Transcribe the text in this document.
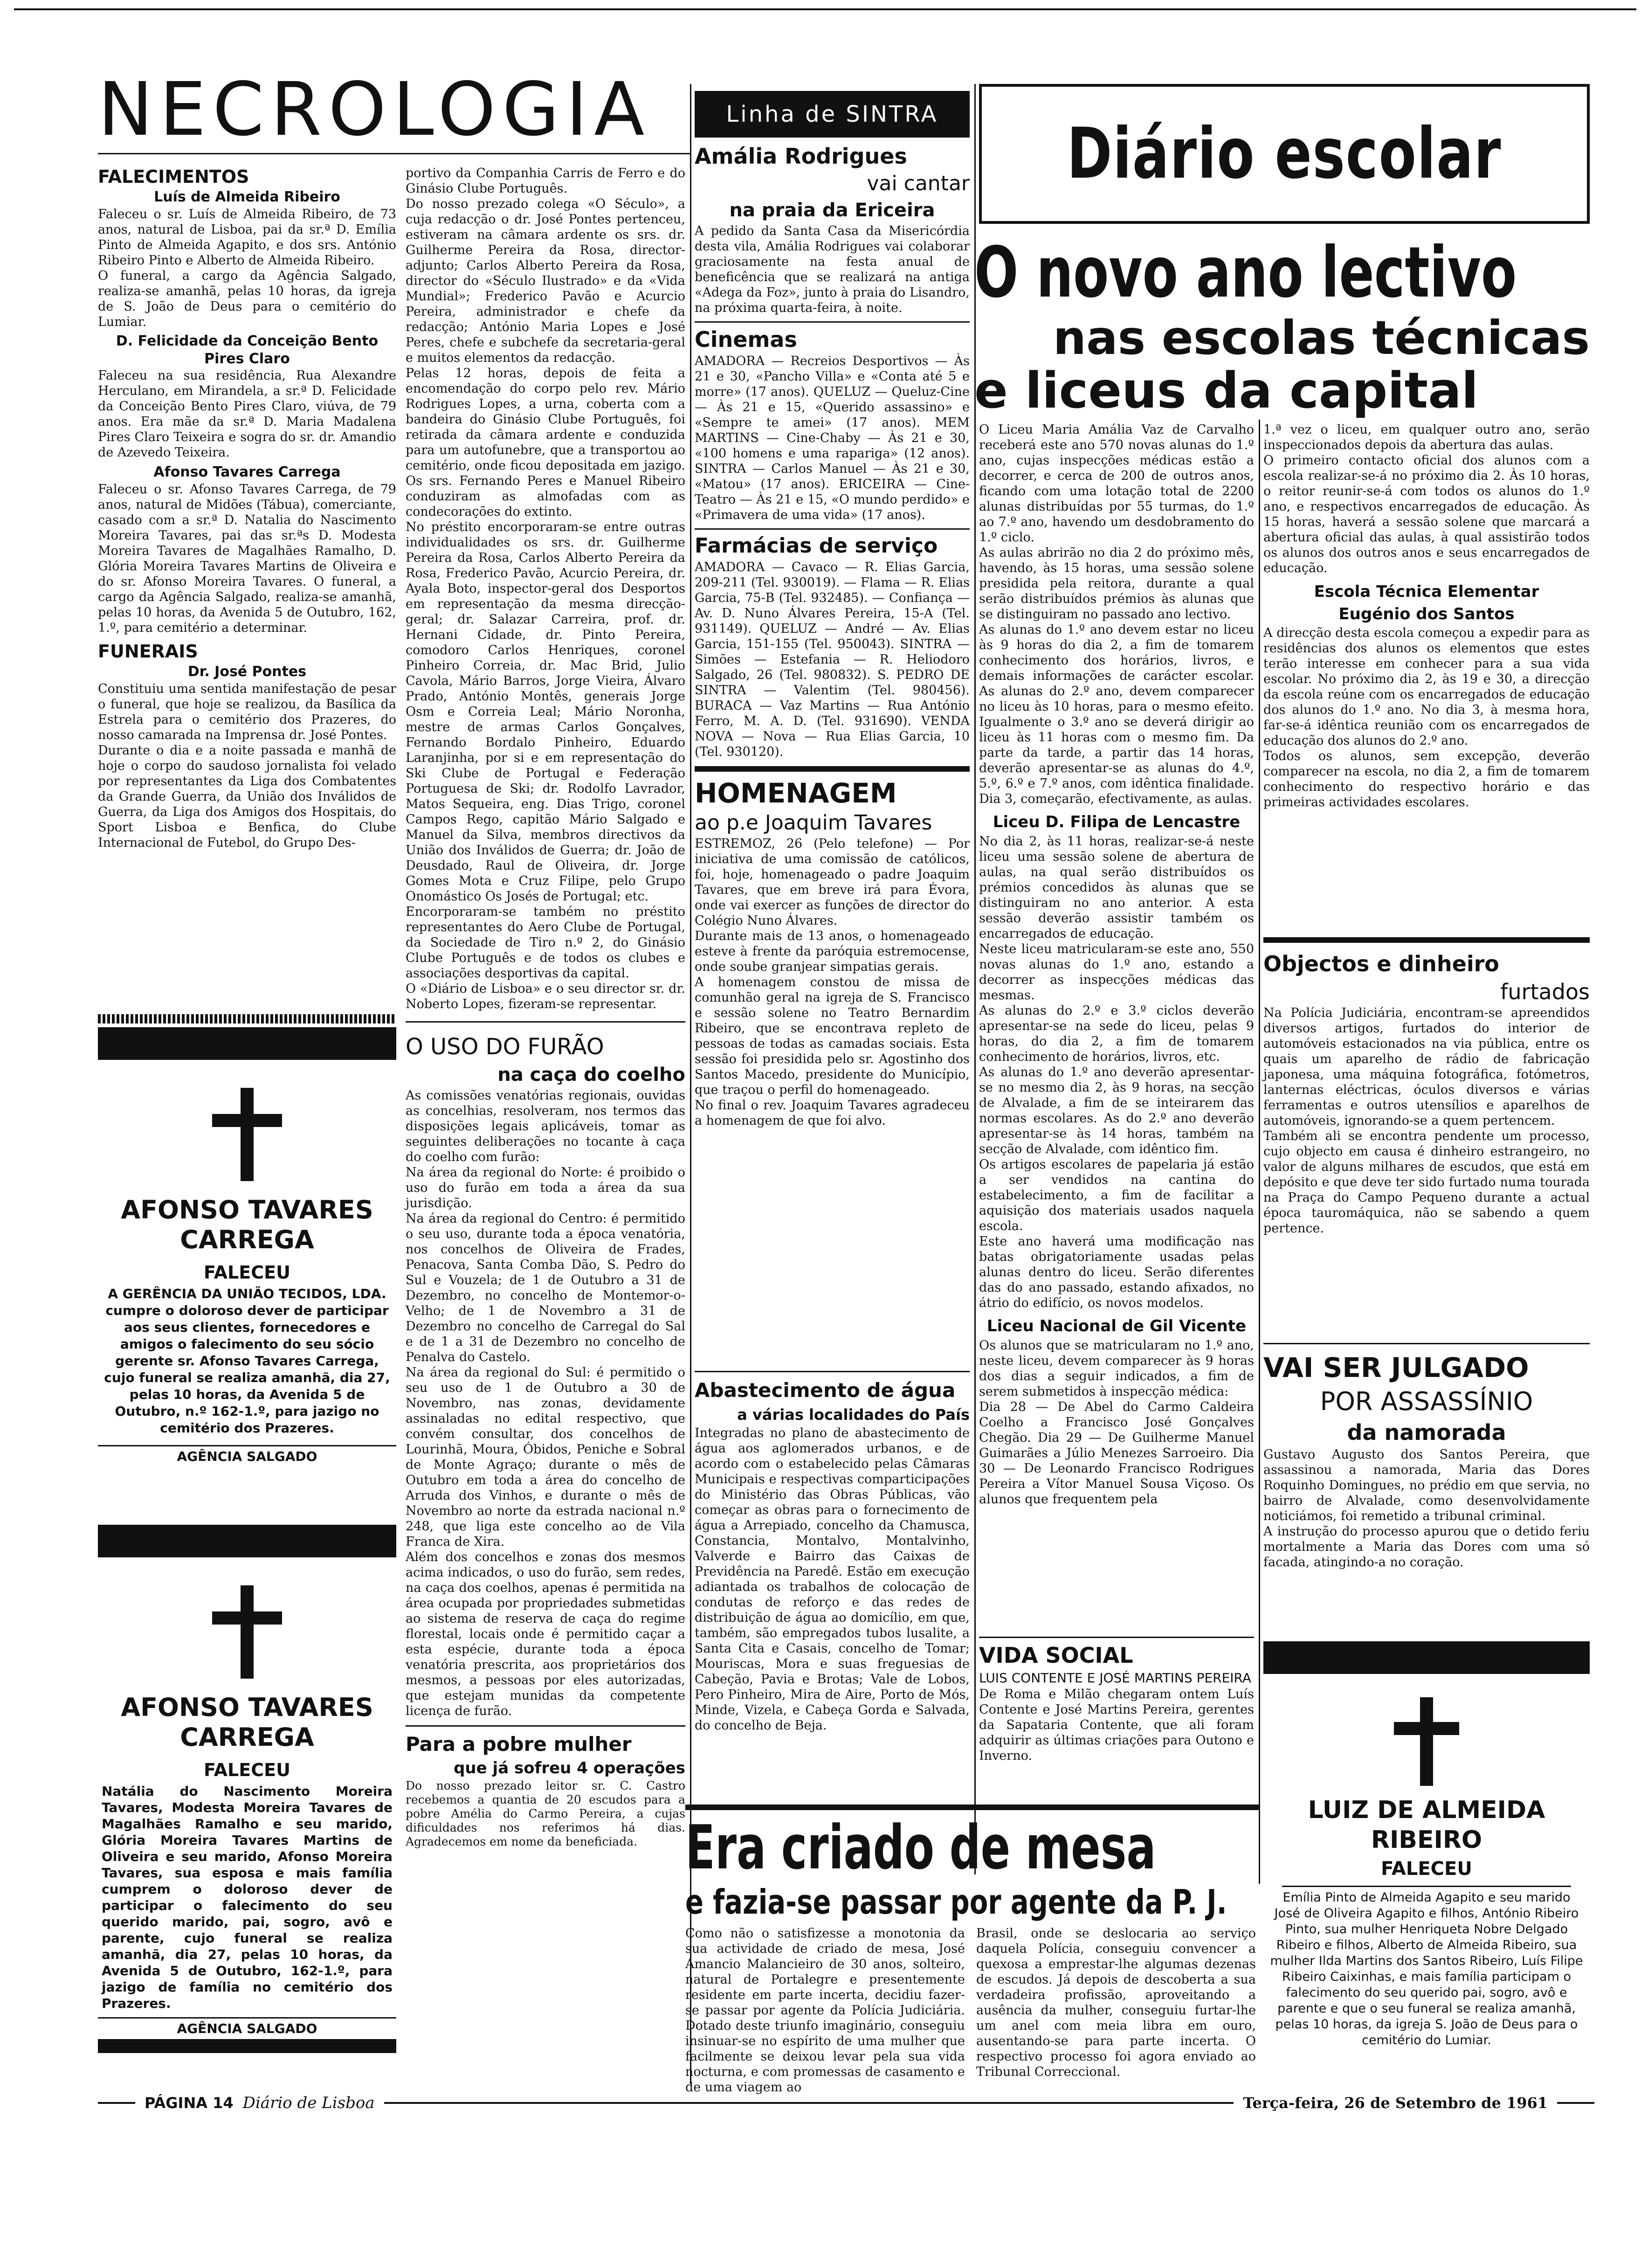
NECROLOGIA
FALECIMENTOS
Luís de Almeida Ribeiro

Faleceu o sr. Luís de Almeida Ribeiro, de 73 anos, natural de Lisboa, pai da sr.ª D. Emília Pinto de Almeida Agapito, e dos srs. António Ribeiro Pinto e Alberto de Almeida Ribeiro.

O funeral, a cargo da Agência Salgado, realiza-se amanhã, pelas 10 horas, da igreja de S. João de Deus para o cemitério do Lumiar.

D. Felicidade da Conceição Bento Pires Claro

Faleceu na sua residência, Rua Alexandre Herculano, em Mirandela, a sr.ª D. Felicidade da Conceição Bento Pires Claro, viúva, de 79 anos. Era mãe da sr.ª D. Maria Madalena Pires Claro Teixeira e sogra do sr. dr. Amandio de Azevedo Teixeira.

Afonso Tavares Carrega

Faleceu o sr. Afonso Tavares Carrega, de 79 anos, natural de Midões (Tábua), comerciante, casado com a sr.ª D. Natalia do Nascimento Moreira Tavares, pai das sr.ªs D. Modesta Moreira Tavares de Magalhães Ramalho, D. Glória Moreira Tavares Martins de Oliveira e do sr. Afonso Moreira Tavares. O funeral, a cargo da Agência Salgado, realiza-se amanhã, pelas 10 horas, da Avenida 5 de Outubro, 162, 1.º, para cemitério a determinar.

FUNERAIS
Dr. José Pontes

Constituiu uma sentida manifestação de pesar o funeral, que hoje se realizou, da Basílica da Estrela para o cemitério dos Prazeres, do nosso camarada na Imprensa dr. José Pontes.

Durante o dia e a noite passada e manhã de hoje o corpo do saudoso jornalista foi velado por representantes da Liga dos Combatentes da Grande Guerra, da União dos Inválidos de Guerra, da Liga dos Amigos dos Hospitais, do Sport Lisboa e Benfica, do Clube Internacional de Futebol, do Grupo Des-

AFONSO TAVARES CARREGA
FALECEU
A GERÊNCIA DA UNIÃO TECIDOS, LDA. cumpre o doloroso dever de participar aos seus clientes, fornecedores e amigos o falecimento do seu sócio gerente sr. Afonso Tavares Carrega, cujo funeral se realiza amanhã, dia 27, pelas 10 horas, da Avenida 5 de Outubro, n.º 162-1.º, para jazigo no cemitério dos Prazeres.
AGÊNCIA SALGADO
AFONSO TAVARES CARREGA
FALECEU
Natália do Nascimento Moreira Tavares, Modesta Moreira Tavares de Magalhães Ramalho e seu marido, Glória Moreira Tavares Martins de Oliveira e seu marido, Afonso Moreira Tavares, sua esposa e mais família cumprem o doloroso dever de participar o falecimento do seu querido marido, pai, sogro, avô e parente, cujo funeral se realiza amanhã, dia 27, pelas 10 horas, da Avenida 5 de Outubro, 162-1.º, para jazigo de família no cemitério dos Prazeres.
AGÊNCIA SALGADO

portivo da Companhia Carris de Ferro e do Ginásio Clube Português.

Do nosso prezado colega «O Século», a cuja redacção o dr. José Pontes pertenceu, estiveram na câmara ardente os srs. dr. Guilherme Pereira da Rosa, director-adjunto; Carlos Alberto Pereira da Rosa, director do «Século Ilustrado» e da «Vida Mundial»; Frederico Pavão e Acurcio Pereira, administrador e chefe da redacção; António Maria Lopes e José Peres, chefe e subchefe da secretaria-geral e muitos elementos da redacção.

Pelas 12 horas, depois de feita a encomendação do corpo pelo rev. Mário Rodrigues Lopes, a urna, coberta com a bandeira do Ginásio Clube Português, foi retirada da câmara ardente e conduzida para um autofunebre, que a transportou ao cemitério, onde ficou depositada em jazigo. Os srs. Fernando Peres e Manuel Ribeiro conduziram as almofadas com as condecorações do extinto.

No préstito encorporaram-se entre outras individualidades os srs. dr. Guilherme Pereira da Rosa, Carlos Alberto Pereira da Rosa, Frederico Pavão, Acurcio Pereira, dr. Ayala Boto, inspector-geral dos Desportos em representação da mesma direcção-geral; dr. Salazar Carreira, prof. dr. Hernani Cidade, dr. Pinto Pereira, comodoro Carlos Henriques, coronel Pinheiro Correia, dr. Mac Brid, Julio Cavola, Mário Barros, Jorge Vieira, Álvaro Prado, António Montês, generais Jorge Osm e Correia Leal; Mário Noronha, mestre de armas Carlos Gonçalves, Fernando Bordalo Pinheiro, Eduardo Laranjinha, por si e em representação do Ski Clube de Portugal e Federação Portuguesa de Ski; dr. Rodolfo Lavrador, Matos Sequeira, eng. Dias Trigo, coronel Campos Rego, capitão Mário Salgado e Manuel da Silva, membros directivos da União dos Inválidos de Guerra; dr. João de Deusdado, Raul de Oliveira, dr. Jorge Gomes Mota e Cruz Filipe, pelo Grupo Onomástico Os Josés de Portugal; etc.

Encorporaram-se também no préstito representantes do Aero Clube de Portugal, da Sociedade de Tiro n.º 2, do Ginásio Clube Português e de todos os clubes e associações desportivas da capital.

O «Diário de Lisboa» e o seu director sr. dr. Noberto Lopes, fizeram-se representar.

O USO DO FURÃO
na caça do coelho

As comissões venatórias regionais, ouvidas as concelhias, resolveram, nos termos das disposições legais aplicáveis, tomar as seguintes deliberações no tocante à caça do coelho com furão:

Na área da regional do Norte: é proibido o uso do furão em toda a área da sua jurisdição.

Na área da regional do Centro: é permitido o seu uso, durante toda a época venatória, nos concelhos de Oliveira de Frades, Penacova, Santa Comba Dão, S. Pedro do Sul e Vouzela; de 1 de Outubro a 31 de Dezembro, no concelho de Montemor-o-Velho; de 1 de Novembro a 31 de Dezembro no concelho de Carregal do Sal e de 1 a 31 de Dezembro no concelho de Penalva do Castelo.

Na área da regional do Sul: é permitido o seu uso de 1 de Outubro a 30 de Novembro, nas zonas, devidamente assinaladas no edital respectivo, que convém consultar, dos concelhos de Lourinhã, Moura, Óbidos, Peniche e Sobral de Monte Agraço; durante o mês de Outubro em toda a área do concelho de Arruda dos Vinhos, e durante o mês de Novembro ao norte da estrada nacional n.º 248, que liga este concelho ao de Vila Franca de Xira.

Além dos concelhos e zonas dos mesmos acima indicados, o uso do furão, sem redes, na caça dos coelhos, apenas é permitida na área ocupada por propriedades submetidas ao sistema de reserva de caça do regime florestal, locais onde é permitido caçar a esta espécie, durante toda a época venatória prescrita, aos proprietários dos mesmos, a pessoas por eles autorizadas, que estejam munidas da competente licença de furão.

Para a pobre mulher
que já sofreu 4 operações

Do nosso prezado leitor sr. C. Castro recebemos a quantia de 20 escudos para a pobre Amélia do Carmo Pereira, a cujas dificuldades nos referimos há dias. Agradecemos em nome da beneficiada.

Linha de SINTRA
Amália Rodrigues
vai cantar
na praia da Ericeira

A pedido da Santa Casa da Misericórdia desta vila, Amália Rodrigues vai colaborar graciosamente na festa anual de beneficência que se realizará na antiga «Adega da Foz», junto à praia do Lisandro, na próxima quarta-feira, à noite.

Cinemas

AMADORA — Recreios Desportivos — Às 21 e 30, «Pancho Villa» e «Conta até 5 e morre» (17 anos). QUELUZ — Queluz-Cine — Às 21 e 15, «Querido assassino» e «Sempre te amei» (17 anos). MEM MARTINS — Cine-Chaby — Às 21 e 30, «100 homens e uma rapariga» (12 anos). SINTRA — Carlos Manuel — Às 21 e 30, «Matou» (17 anos). ERICEIRA — Cine-Teatro — Às 21 e 15, «O mundo perdido» e «Primavera de uma vida» (17 anos).

Farmácias de serviço

AMADORA — Cavaco — R. Elias Garcia, 209-211 (Tel. 930019). — Flama — R. Elias Garcia, 75-B (Tel. 932485). — Confiança — Av. D. Nuno Álvares Pereira, 15-A (Tel. 931149). QUELUZ — André — Av. Elias Garcia, 151-155 (Tel. 950043). SINTRA — Simões — Estefania — R. Heliodoro Salgado, 26 (Tel. 980832). S. PEDRO DE SINTRA — Valentim (Tel. 980456). BURACA — Vaz Martins — Rua António Ferro, M. A. D. (Tel. 931690). VENDA NOVA — Nova — Rua Elias Garcia, 10 (Tel. 930120).

HOMENAGEM
ao p.e Joaquim Tavares

ESTREMOZ, 26 (Pelo telefone) — Por iniciativa de uma comissão de católicos, foi, hoje, homenageado o padre Joaquim Tavares, que em breve irá para Évora, onde vai exercer as funções de director do Colégio Nuno Álvares.

Durante mais de 13 anos, o homenageado esteve à frente da paróquia estremocense, onde soube granjear simpatias gerais.

A homenagem constou de missa de comunhão geral na igreja de S. Francisco e sessão solene no Teatro Bernardim Ribeiro, que se encontrava repleto de pessoas de todas as camadas sociais. Esta sessão foi presidida pelo sr. Agostinho dos Santos Macedo, presidente do Município, que traçou o perfil do homenageado.

No final o rev. Joaquim Tavares agradeceu a homenagem de que foi alvo.

Abastecimento de água
a várias localidades do País

Integradas no plano de abastecimento de água aos aglomerados urbanos, e de acordo com o estabelecido pelas Câmaras Municipais e respectivas comparticipações do Ministério das Obras Públicas, vão começar as obras para o fornecimento de água a Arrepiado, concelho da Chamusca, Constancia, Montalvo, Montalvinho, Valverde e Bairro das Caixas de Previdência na Paredê. Estão em execução adiantada os trabalhos de colocação de condutas de reforço e das redes de distribuição de água ao domicílio, em que, também, são empregados tubos lusalite, a Santa Cita e Casais, concelho de Tomar; Mouriscas, Mora e suas freguesias de Cabeção, Pavia e Brotas; Vale de Lobos, Pero Pinheiro, Mira de Aire, Porto de Mós, Minde, Vizela, e Cabeça Gorda e Salvada, do concelho de Beja.

Diário escolar
O novo ano lectivo
nas escolas técnicas
e liceus da capital

O Liceu Maria Amália Vaz de Carvalho receberá este ano 570 novas alunas do 1.º ano, cujas inspecções médicas estão a decorrer, e cerca de 200 de outros anos, ficando com uma lotação total de 2200 alunas distribuídas por 55 turmas, do 1.º ao 7.º ano, havendo um desdobramento do 1.º ciclo.

As aulas abrirão no dia 2 do próximo mês, havendo, às 15 horas, uma sessão solene presidida pela reitora, durante a qual serão distribuídos prémios às alunas que se distinguiram no passado ano lectivo.

As alunas do 1.º ano devem estar no liceu às 9 horas do dia 2, a fim de tomarem conhecimento dos horários, livros, e demais informações de carácter escolar. As alunas do 2.º ano, devem comparecer no liceu às 10 horas, para o mesmo efeito. Igualmente o 3.º ano se deverá dirigir ao liceu às 11 horas com o mesmo fim. Da parte da tarde, a partir das 14 horas, deverão apresentar-se as alunas do 4.º, 5.º, 6.º e 7.º anos, com idêntica finalidade. Dia 3, começarão, efectivamente, as aulas.

Liceu D. Filipa de Lencastre

No dia 2, às 11 horas, realizar-se-á neste liceu uma sessão solene de abertura de aulas, na qual serão distribuídos os prémios concedidos às alunas que se distinguiram no ano anterior. A esta sessão deverão assistir também os encarregados de educação.

Neste liceu matricularam-se este ano, 550 novas alunas do 1.º ano, estando a decorrer as inspecções médicas das mesmas.

As alunas do 2.º e 3.º ciclos deverão apresentar-se na sede do liceu, pelas 9 horas, do dia 2, a fim de tomarem conhecimento de horários, livros, etc.

As alunas do 1.º ano deverão apresentar-se no mesmo dia 2, às 9 horas, na secção de Alvalade, a fim de se inteirarem das normas escolares. As do 2.º ano deverão apresentar-se às 14 horas, também na secção de Alvalade, com idêntico fim.

Os artigos escolares de papelaria já estão a ser vendidos na cantina do estabelecimento, a fim de facilitar a aquisição dos materiais usados naquela escola.

Este ano haverá uma modificação nas batas obrigatoriamente usadas pelas alunas dentro do liceu. Serão diferentes das do ano passado, estando afixados, no átrio do edifício, os novos modelos.

Liceu Nacional de Gil Vicente

Os alunos que se matricularam no 1.º ano, neste liceu, devem comparecer às 9 horas dos dias a seguir indicados, a fim de serem submetidos à inspecção médica:

Dia 28 — De Abel do Carmo Caldeira Coelho a Francisco José Gonçalves Chegão. Dia 29 — De Guilherme Manuel Guimarães a Júlio Menezes Sarroeiro. Dia 30 — De Leonardo Francisco Rodrigues Pereira a Vítor Manuel Sousa Viçoso. Os alunos que frequentem pela

1.ª vez o liceu, em qualquer outro ano, serão inspeccionados depois da abertura das aulas.

O primeiro contacto oficial dos alunos com a escola realizar-se-á no próximo dia 2. Às 10 horas, o reitor reunir-se-á com todos os alunos do 1.º ano, e respectivos encarregados de educação. Às 15 horas, haverá a sessão solene que marcará a abertura oficial das aulas, à qual assistirão todos os alunos dos outros anos e seus encarregados de educação.

Escola Técnica Elementar Eugénio dos Santos

A direcção desta escola começou a expedir para as residências dos alunos os elementos que estes terão interesse em conhecer para a sua vida escolar. No próximo dia 2, às 19 e 30, a direcção da escola reúne com os encarregados de educação dos alunos do 1.º ano. No dia 3, à mesma hora, far-se-á idêntica reunião com os encarregados de educação dos alunos do 2.º ano.

Todos os alunos, sem excepção, deverão comparecer na escola, no dia 2, a fim de tomarem conhecimento do respectivo horário e das primeiras actividades escolares.

VIDA SOCIAL
LUIS CONTENTE E JOSÉ MARTINS PEREIRA

De Roma e Milão chegaram ontem Luís Contente e José Martins Pereira, gerentes da Sapataria Contente, que ali foram adquirir as últimas criações para Outono e Inverno.

Objectos e dinheiro
furtados

Na Polícia Judiciária, encontram-se apreendidos diversos artigos, furtados do interior de automóveis estacionados na via pública, entre os quais um aparelho de rádio de fabricação japonesa, uma máquina fotográfica, fotómetros, lanternas eléctricas, óculos diversos e várias ferramentas e outros utensílios e aparelhos de automóveis, ignorando-se a quem pertencem.

Também ali se encontra pendente um processo, cujo objecto em causa é dinheiro estrangeiro, no valor de alguns milhares de escudos, que está em depósito e que deve ter sido furtado numa tourada na Praça do Campo Pequeno durante a actual época tauromáquica, não se sabendo a quem pertence.

VAI SER JULGADO
POR ASSASSÍNIO
da namorada

Gustavo Augusto dos Santos Pereira, que assassinou a namorada, Maria das Dores Roquinho Domingues, no prédio em que servia, no bairro de Alvalade, como desenvolvidamente noticiámos, foi remetido a tribunal criminal.

A instrução do processo apurou que o detido feriu mortalmente a Maria das Dores com uma só facada, atingindo-a no coração.

LUIZ DE ALMEIDA
RIBEIRO
FALECEU
Emília Pinto de Almeida Agapito e seu marido José de Oliveira Agapito e filhos, António Ribeiro Pinto, sua mulher Henriqueta Nobre Delgado Ribeiro e filhos, Alberto de Almeida Ribeiro, sua mulher Ilda Martins dos Santos Ribeiro, Luís Filipe Ribeiro Caixinhas, e mais família participam o falecimento do seu querido pai, sogro, avô e parente e que o seu funeral se realiza amanhã, pelas 10 horas, da igreja S. João de Deus para o cemitério do Lumiar.
Era criado de mesa
e fazia-se passar por agente da P. J.

Como não o satisfizesse a monotonia da sua actividade de criado de mesa, José Amancio Malancieiro de 30 anos, solteiro, natural de Portalegre e presentemente residente em parte incerta, decidiu fazer-se passar por agente da Polícia Judiciária. Dotado deste triunfo imaginário, conseguiu insinuar-se no espírito de uma mulher que facilmente se deixou levar pela sua vida nocturna, e com promessas de casamento e de uma viagem ao

Brasil, onde se deslocaria ao serviço daquela Polícia, conseguiu convencer a quexosa a emprestar-lhe algumas dezenas de escudos. Já depois de descoberta a sua verdadeira profissão, aproveitando a ausência da mulher, conseguiu furtar-lhe um anel com meia libra em ouro, ausentando-se para parte incerta. O respectivo processo foi agora enviado ao Tribunal Correccional.

PÁGINA 14 Diário de Lisboa	Terça-feira, 26 de Setembro de 1961
